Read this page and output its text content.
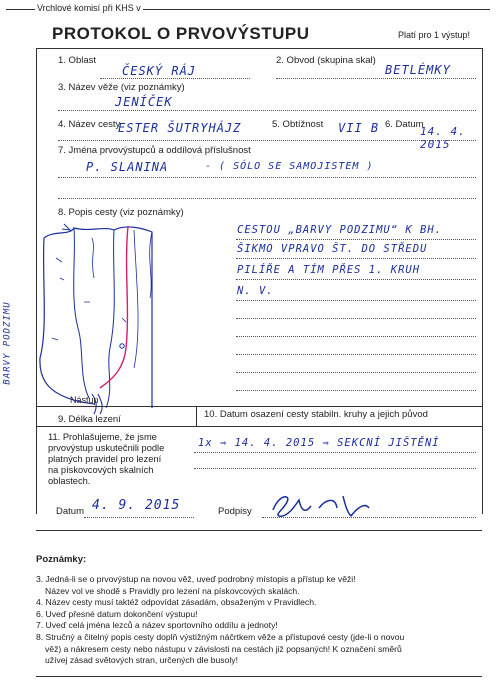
Vrchlové komisí při KHS v
PROTOKOL O PRVOVÝSTUPU	Platí pro 1 výstup!
1. Oblast
ČESKÝ RÁJ
2. Obvod (skupina skal)
BETLÉMKY
3. Název věže (viz poznámky)
JENÍČEK
4. Název cesty
ESTER ŠUTRYHÁJZ	5. Obtížnost VII B 6. Datum
14. 4. 2015
7. Jména prvovýstupců a oddílová příslušnost
P. SLANINA	- ( SÓLO SE SAMOJISTEM )
8. Popis cesty (viz poznámky)
BARVY PODZIMU
Nástup
CESTOU „BARVY PODZIMU“ K BH.
ŠIKMO VPRAVO ŠT. DO STŘEDU
PILÍŘE A TÍM PŘES 1. KRUH
N. V.
9. Délka lezení	10. Datum osazení cesty stabiln. kruhy a jejich původ
11. Prohlašujeme, že jsme prvovýstup uskutečnili podle platných pravidel pro lezení na pískovcových skalních oblastech.
1x ⇒ 14. 4. 2015 ⇒ SEKCNÍ JIŠTĚNÍ
Datum 4. 9. 2015	Podpisy
Poznámky:
3. Jedná-li se o prvovýstup na novou věž, uveď podrobný místopis a přístup ke věži!
Název vol ve shodě s Pravidly pro lezení na pískovcových skalách.
4. Název cesty musí taktéž odpovídat zásadám, obsaženým v Pravidlech.
6. Uveď přesné datum dokončení výstupu!
7. Uveď celá jména lezců a název sportovního oddílu a jednoty!
8. Stručný a čitelný popis cesty doplň výstižným náčrtkem věže a přístupové cesty (jde-li o novou
věž) a nákresem cesty nebo nástupu v závislosti na cestách již popsaných! K označení směrů
užívej zásad světových stran, určených dle busoly!
